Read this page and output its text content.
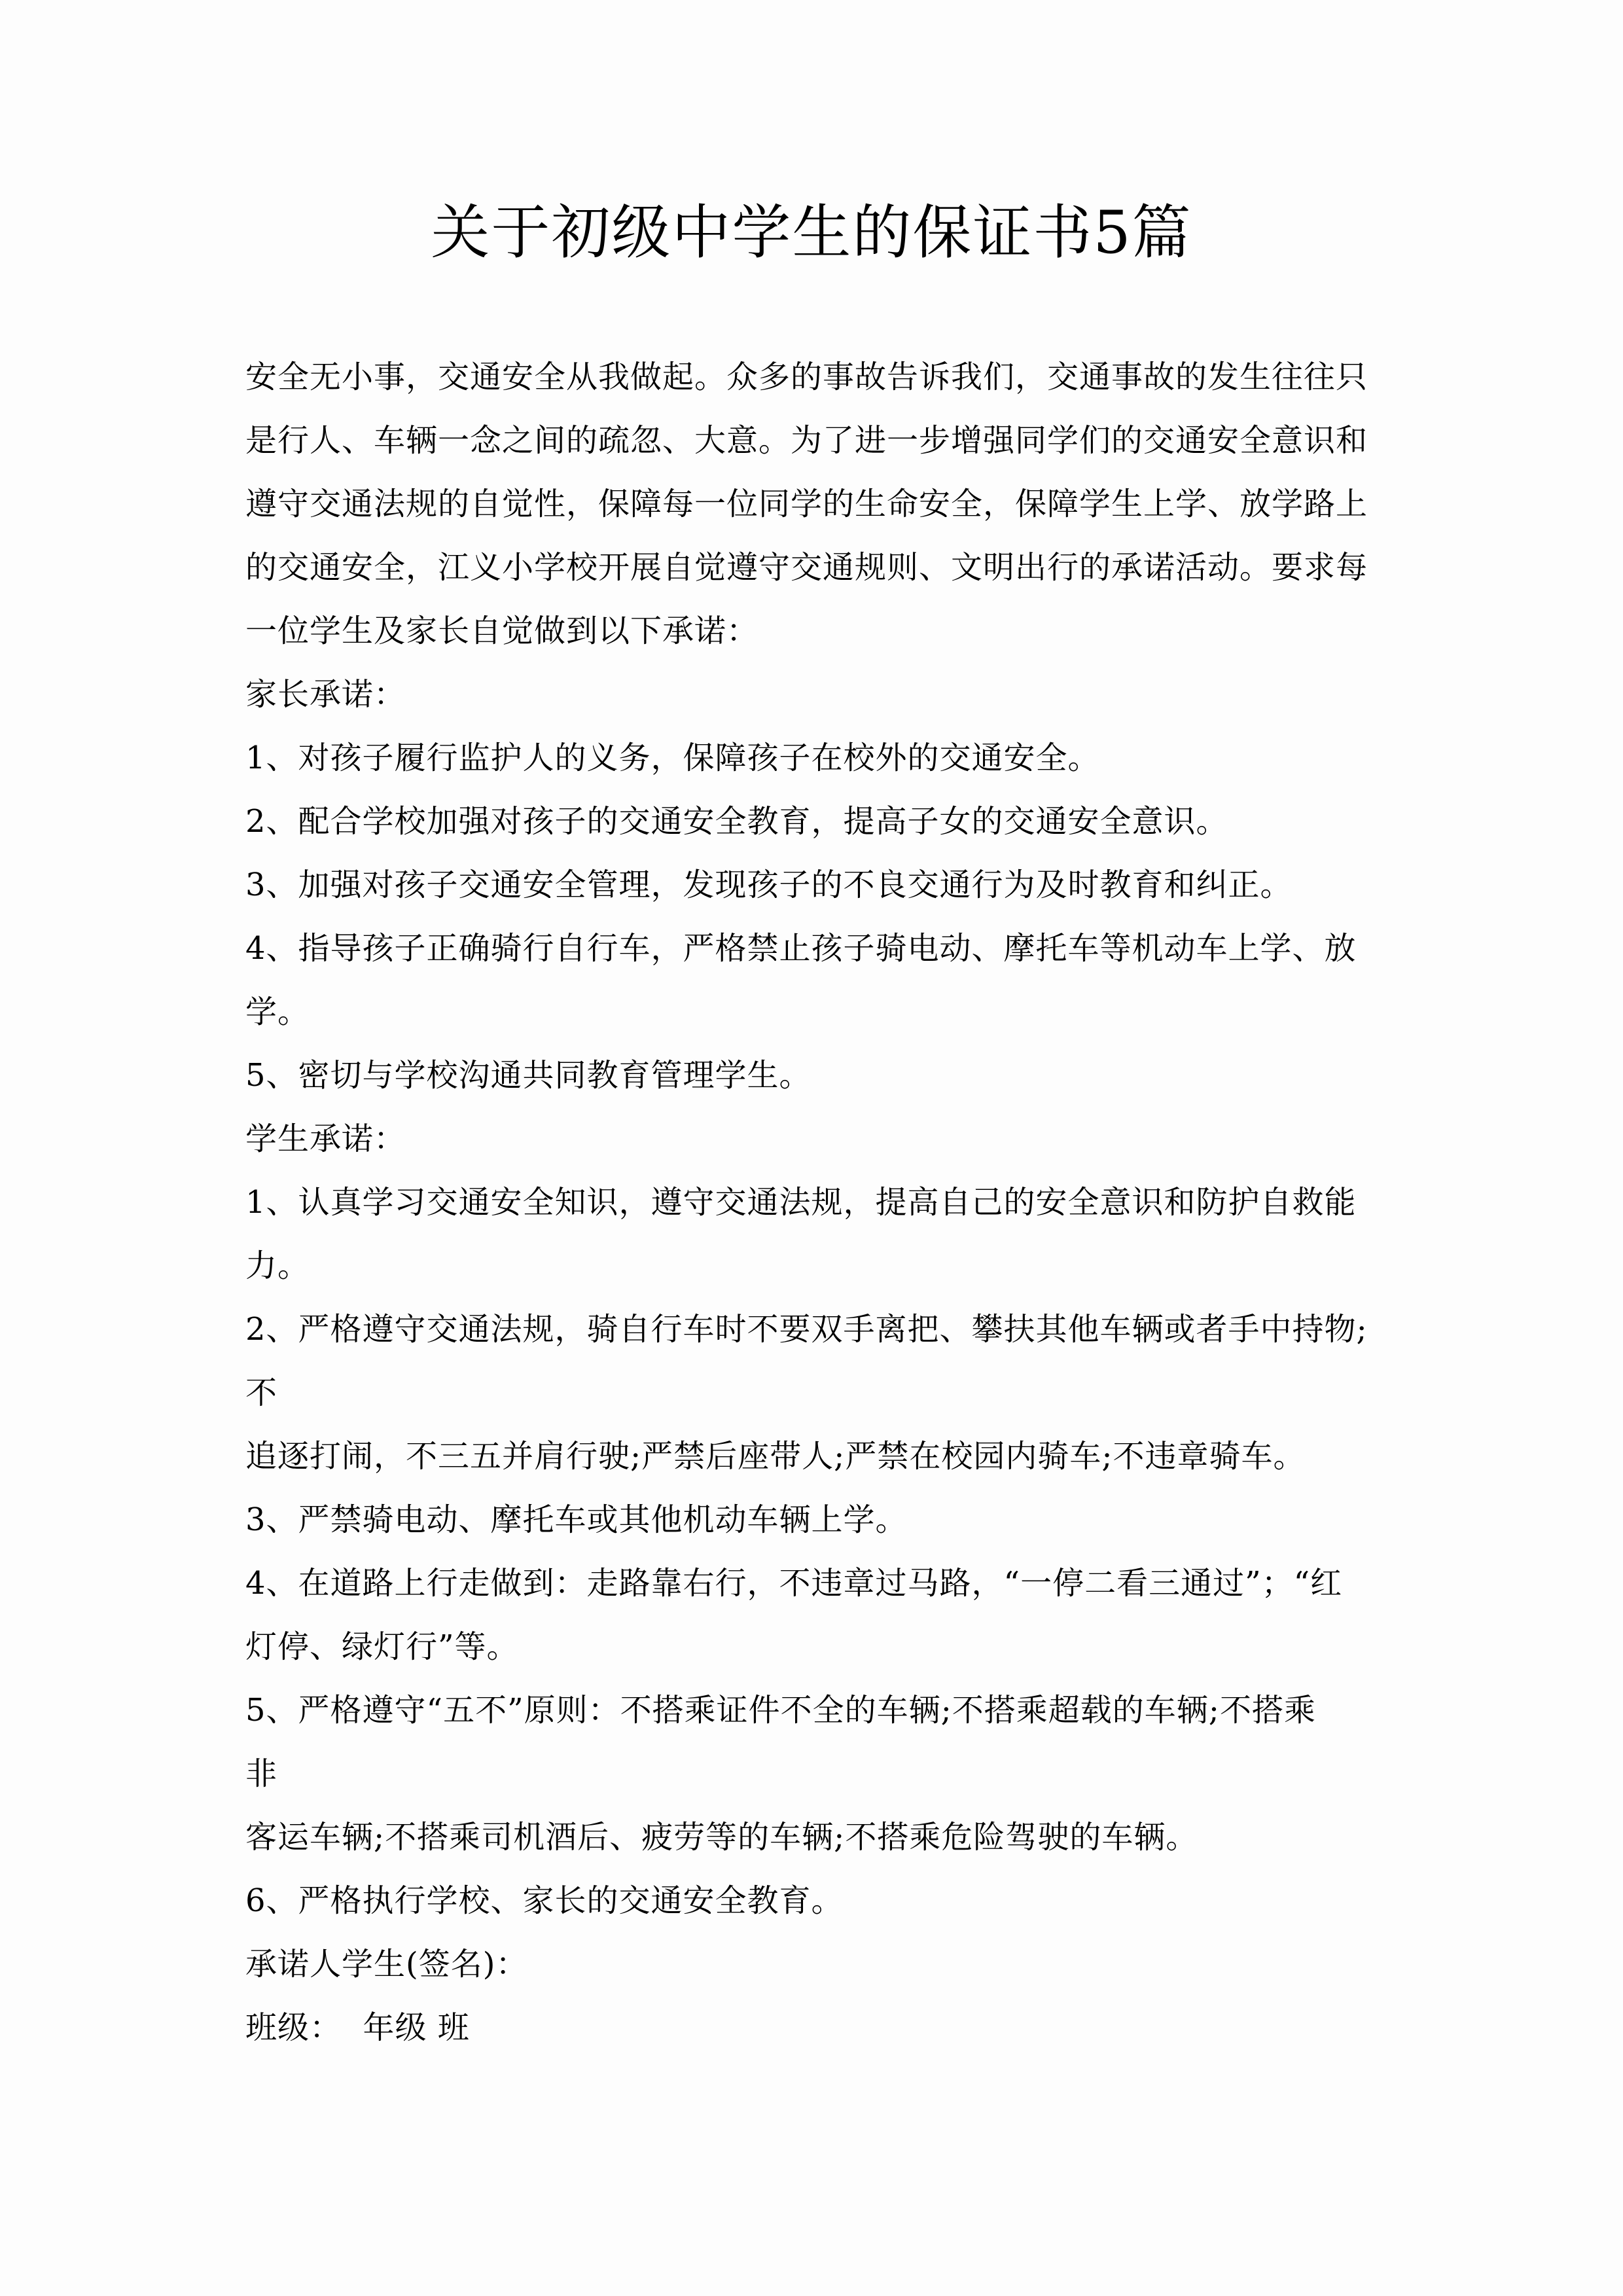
关于初级中学生的保证书5篇
安全无小事，交通安全从我做起。众多的事故告诉我们，交通事故的发生往往只
是行人、车辆一念之间的疏忽、大意。为了进一步增强同学们的交通安全意识和
遵守交通法规的自觉性，保障每一位同学的生命安全，保障学生上学、放学路上
的交通安全，江义小学校开展自觉遵守交通规则、文明出行的承诺活动。要求每
一位学生及家长自觉做到以下承诺：
家长承诺：
1、对孩子履行监护人的义务，保障孩子在校外的交通安全。
2、配合学校加强对孩子的交通安全教育，提高子女的交通安全意识。
3、加强对孩子交通安全管理，发现孩子的不良交通行为及时教育和纠正。
4、指导孩子正确骑行自行车，严格禁止孩子骑电动、摩托车等机动车上学、放
学。
5、密切与学校沟通共同教育管理学生。
学生承诺：
1、认真学习交通安全知识，遵守交通法规，提高自己的安全意识和防护自救能
力。
2、严格遵守交通法规，骑自行车时不要双手离把、攀扶其他车辆或者手中持物;
不
追逐打闹，不三五并肩行驶;严禁后座带人;严禁在校园内骑车;不违章骑车。
3、严禁骑电动、摩托车或其他机动车辆上学。
4、在道路上行走做到：走路靠右行，不违章过马路，“一停二看三通过”；“红
灯停、绿灯行”等。
5、严格遵守“五不”原则：不搭乘证件不全的车辆;不搭乘超载的车辆;不搭乘
非
客运车辆;不搭乘司机酒后、疲劳等的车辆;不搭乘危险驾驶的车辆。
6、严格执行学校、家长的交通安全教育。
承诺人学生(签名)：
班级：  年级 班
